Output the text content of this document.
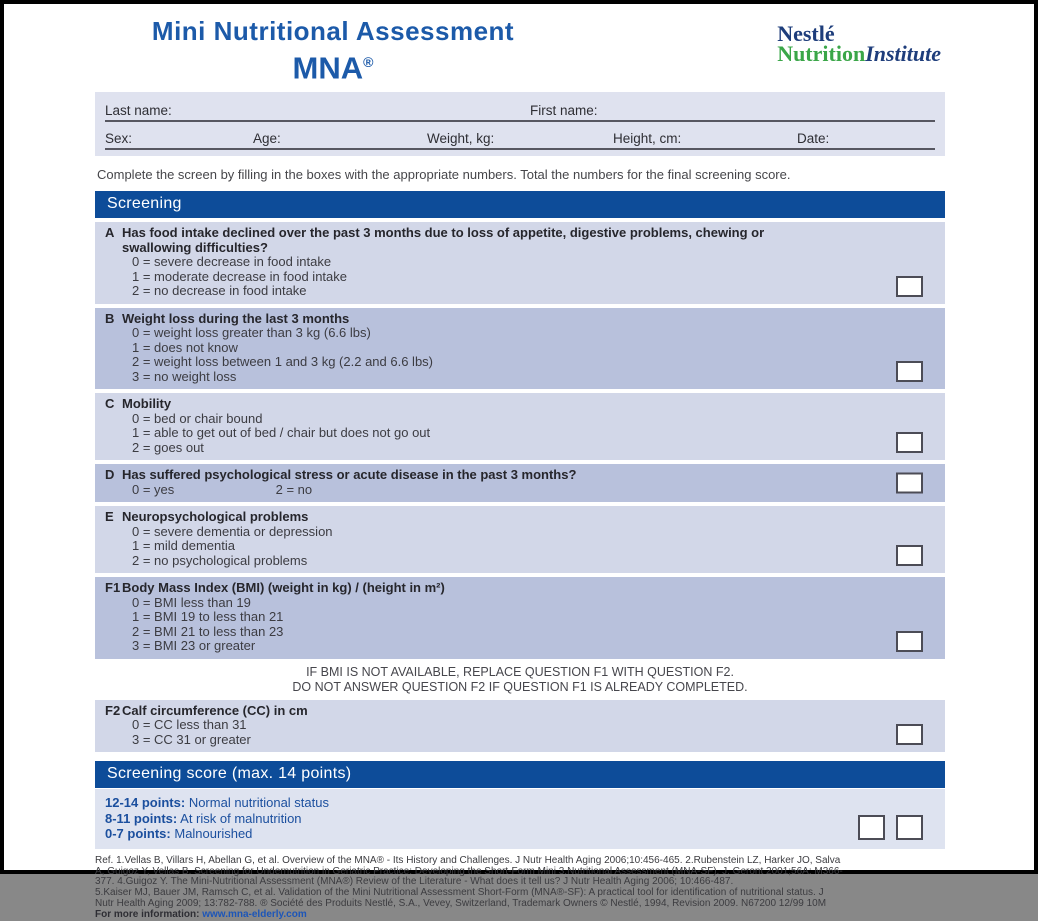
Mini Nutritional Assessment
MNA®
Nestlé
NutritionInstitute
Last name:	First name:
Sex:	Age:	Weight, kg:	Height, cm:	Date:
Complete the screen by filling in the boxes with the appropriate numbers. Total the numbers for the final screening score.
Screening
A Has food intake declined over the past 3 months due to loss of appetite, digestive problems, chewing or swallowing difficulties?
0 = severe decrease in food intake
1 = moderate decrease in food intake
2 = no decrease in food intake
B Weight loss during the last 3 months
0 = weight loss greater than 3 kg (6.6 lbs)
1 = does not know
2 = weight loss between 1 and 3 kg (2.2 and 6.6 lbs)
3 = no weight loss
C Mobility
0 = bed or chair bound
1 = able to get out of bed / chair but does not go out
2 = goes out
D Has suffered psychological stress or acute disease in the past 3 months?
0 = yes	2 = no
E Neuropsychological problems
0 = severe dementia or depression
1 = mild dementia
2 = no psychological problems
F1 Body Mass Index (BMI) (weight in kg) / (height in m²)
0 = BMI less than 19
1 = BMI 19 to less than 21
2 = BMI 21 to less than 23
3 = BMI 23 or greater
IF BMI IS NOT AVAILABLE, REPLACE QUESTION F1 WITH QUESTION F2.
DO NOT ANSWER QUESTION F2 IF QUESTION F1 IS ALREADY COMPLETED.
F2 Calf circumference (CC) in cm
0 = CC less than 31
3 = CC 31 or greater
Screening score (max. 14 points)
12-14 points: Normal nutritional status
8-11 points: At risk of malnutrition
0-7 points: Malnourished
Ref. 1.Vellas B, Villars H, Abellan G, et al. Overview of the MNA® - Its History and Challenges. J Nutr Health Aging 2006;10:456-465. 2.Rubenstein LZ, Harker JO, Salva
A, Guigoz Y, Vellas B. Screening for Undernutrition in Geriatric Practice: Developing the Short-Form Mini 3.Nutritional Assessment (MNA-SF). J. Geront 2001;56A: M366-
377. 4.Guigoz Y. The Mini-Nutritional Assessment (MNA®) Review of the Literature - What does it tell us? J Nutr Health Aging 2006; 10:466-487.
5.Kaiser MJ, Bauer JM, Ramsch C, et al. Validation of the Mini Nutritional Assessment Short-Form (MNA®-SF): A practical tool for identification of nutritional status. J
Nutr Health Aging 2009; 13:782-788. ® Société des Produits Nestlé, S.A., Vevey, Switzerland, Trademark Owners © Nestlé, 1994, Revision 2009. N67200 12/99 10M
For more information: www.mna-elderly.com
